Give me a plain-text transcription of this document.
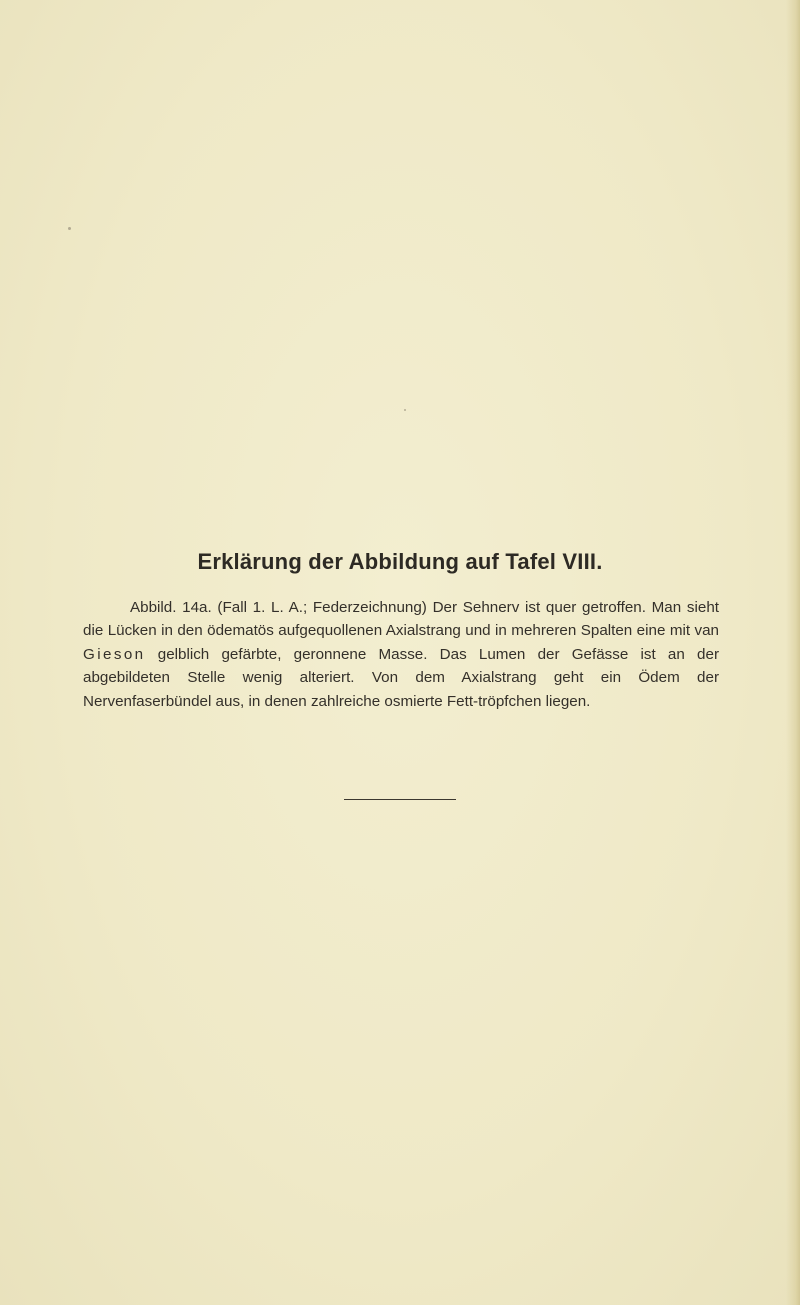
Erklärung der Abbildung auf Tafel VIII.

Abbild. 14a. (Fall 1. L. A.; Federzeichnung) Der Sehnerv ist quer getroffen. Man sieht die Lücken in den ödematös aufgequollenen Axialstrang und in mehreren Spalten eine mit van Gieson gelblich gefärbte, geronnene Masse. Das Lumen der Gefässe ist an der abgebildeten Stelle wenig alteriert. Von dem Axialstrang geht ein Ödem der Nervenfaserbündel aus, in denen zahlreiche osmierte Fett-tröpfchen liegen.
